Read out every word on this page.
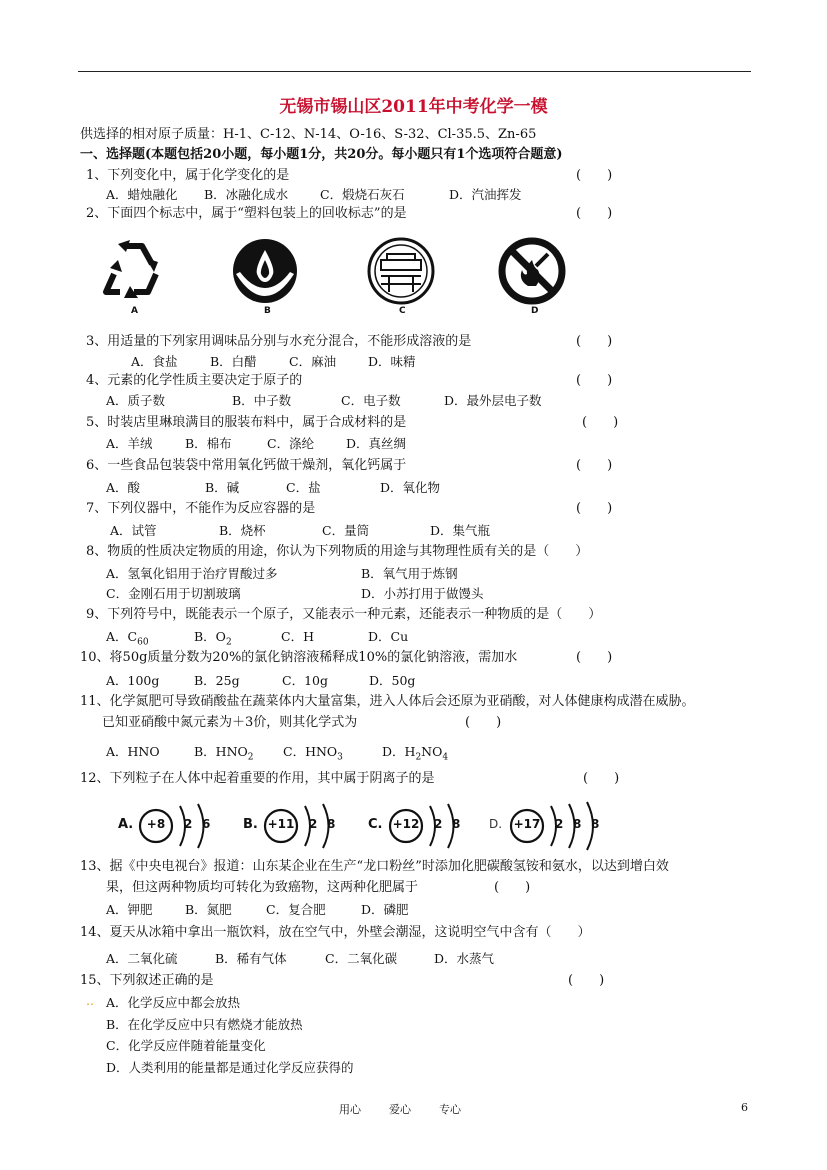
无锡市锡山区2011年中考化学一模
供选择的相对原子质量：H-1、C-12、N-14、O-16、S-32、Cl-35.5、Zn-65
一、选择题(本题包括20小题，每小题1分，共20分。每小题只有1个选项符合题意)
1、下列变化中，属于化学变化的是	(　　)
A．蜡烛融化 B．冰融化成水	C．煅烧石灰石	D．汽油挥发
2、下面四个标志中，属于“塑料包装上的回收标志”的是	(　　)
A	B	C	D
3、用适量的下列家用调味品分别与水充分混合，不能形成溶液的是	(　　)
A．食盐	B．白醋	C．麻油	D．味精
4、元素的化学性质主要决定于原子的	(　　)
A．质子数	B．中子数	C．电子数	D．最外层电子数
5、时装店里琳琅满目的服装布料中，属于合成材料的是	(　　)
A．羊绒	B．棉布	C．涤纶	D．真丝绸
6、一些食品包装袋中常用氧化钙做干燥剂，氧化钙属于	(　　)
A．酸	B．碱	C．盐	D．氧化物
7、下列仪器中，不能作为反应容器的是	(　　)
A．试管	B．烧杯	C．量筒	D．集气瓶
8、物质的性质决定物质的用途，你认为下列物质的用途与其物理性质有关的是（　　）
A．氢氧化铝用于治疗胃酸过多	B．氧气用于炼钢
C．金刚石用于切割玻璃	D．小苏打用于做馒头
9、下列符号中，既能表示一个原子，又能表示一种元素，还能表示一种物质的是（　　）
A．$C_{60}$	B．$O_2$	C．H	D．Cu
10、将50g质量分数为20%的氯化钠溶液稀释成10%的氯化钠溶液，需加水	(　　)
A．100g	B．25g	C．10g	D．50g
11、化学氮肥可导致硝酸盐在蔬菜体内大量富集，进入人体后会还原为亚硝酸，对人体健康构成潜在威胁。
已知亚硝酸中氮元素为＋3价，则其化学式为	(　　)
A．HNO	B．$HNO_2$ C．$HNO_3$	D．$H_2NO_4$
12、下列粒子在人体中起着重要的作用，其中属于阴离子的是	(　　)
A.	+8	2 6	B. +11	2 8	C. +12	2 8 D. +17	2 8 8
13、据《中央电视台》报道：山东某企业在生产“龙口粉丝”时添加化肥碳酸氢铵和氨水，以达到增白效
果，但这两种物质均可转化为致癌物，这两种化肥属于	(　　)
A．钾肥	B．氮肥	C．复合肥	D．磷肥
14、夏天从冰箱中拿出一瓶饮料，放在空气中，外壁会潮湿，这说明空气中含有（　　）
A．二氧化硫	B．稀有气体	C．二氧化碳	D．水蒸气
15、下列叙述正确的是	(　　)
‥ A．化学反应中都会放热
B．在化学反应中只有燃烧才能放热
C．化学反应伴随着能量变化
D．人类利用的能量都是通过化学反应获得的
用心	爱心	专心	6
